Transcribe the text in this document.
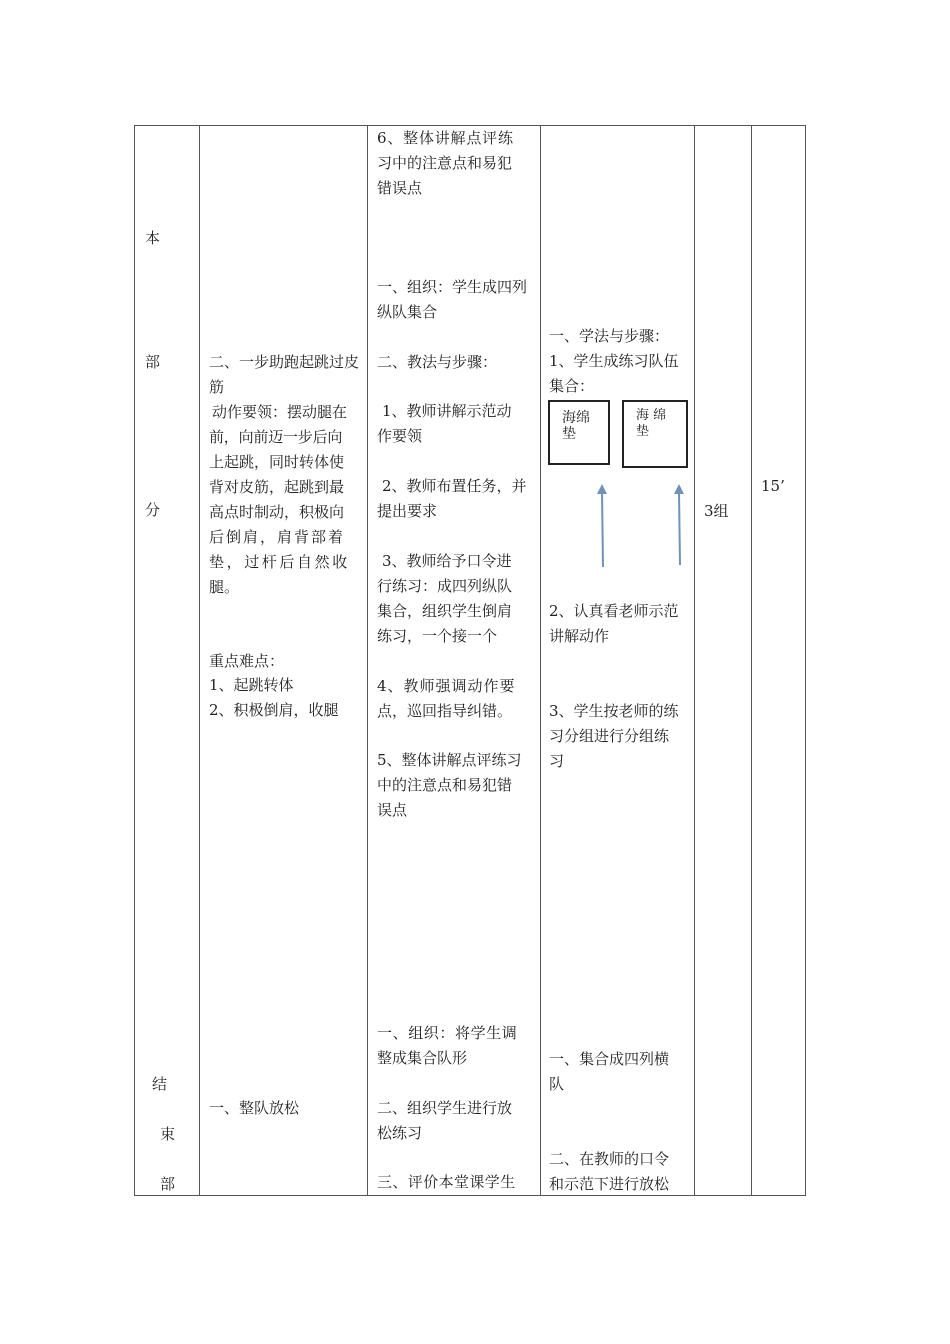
本
部
分
结
束
部
二、一步助跑起跳过皮筋
动作要领：摆动腿在
前，向前迈一步后向
上起跳，同时转体使
背对皮筋，起跳到最
高点时制动，积极向
后倒肩，肩背部着
垫，过杆后自然收
腿。
重点难点：
1、起跳转体
2、积极倒肩，收腿
一、整队放松
6、整体讲解点评练
习中的注意点和易犯
错误点
一、组织：学生成四列
纵队集合
二、教法与步骤：
1、教师讲解示范动
作要领
2、教师布置任务，并
提出要求
3、教师给予口令进
行练习：成四列纵队
集合，组织学生倒肩
练习，一个接一个
4、教师强调动作要
点，巡回指导纠错。
5、整体讲解点评练习
中的注意点和易犯错
误点
一、组织：将学生调
整成集合队形
二、组织学生进行放
松练习
三、评价本堂课学生
一、学法与步骤：
1、学生成练习队伍
集合：
海绵垫
海 绵垫
2、认真看老师示范
讲解动作
3、学生按老师的练
习分组进行分组练
习
一、集合成四列横
队
二、在教师的口令
和示范下进行放松
3组
15’
